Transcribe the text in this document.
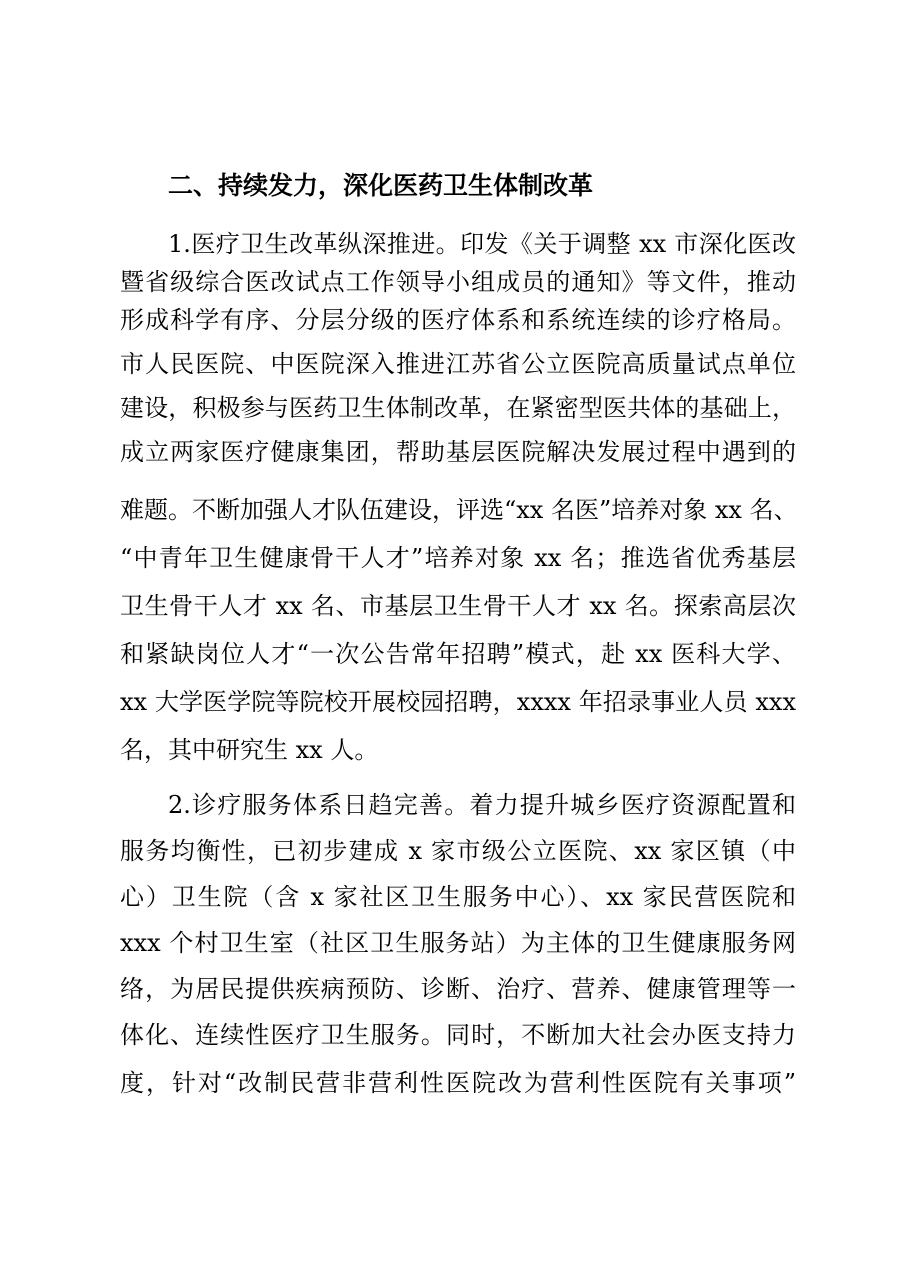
二、持续发力，深化医药卫生体制改革
1.医疗卫生改革纵深推进。印发《关于调整 xx 市深化医改
暨省级综合医改试点工作领导小组成员的通知》等文件，推动
形成科学有序、分层分级的医疗体系和系统连续的诊疗格局。
市人民医院、中医院深入推进江苏省公立医院高质量试点单位
建设，积极参与医药卫生体制改革，在紧密型医共体的基础上，
成立两家医疗健康集团，帮助基层医院解决发展过程中遇到的
难题。不断加强人才队伍建设，评选“xx 名医”培养对象 xx 名、
“中青年卫生健康骨干人才”培养对象 xx 名；推选省优秀基层
卫生骨干人才 xx 名、市基层卫生骨干人才 xx 名。探索高层次
和紧缺岗位人才“一次公告常年招聘”模式，赴 xx 医科大学、
xx 大学医学院等院校开展校园招聘，xxxx 年招录事业人员 xxx
名，其中研究生 xx 人。
2.诊疗服务体系日趋完善。着力提升城乡医疗资源配置和
服务均衡性，已初步建成 x 家市级公立医院、xx 家区镇（中
心）卫生院（含 x 家社区卫生服务中心）、xx 家民营医院和
xxx 个村卫生室（社区卫生服务站）为主体的卫生健康服务网
络，为居民提供疾病预防、诊断、治疗、营养、健康管理等一
体化、连续性医疗卫生服务。同时，不断加大社会办医支持力
度，针对“改制民营非营利性医院改为营利性医院有关事项”
